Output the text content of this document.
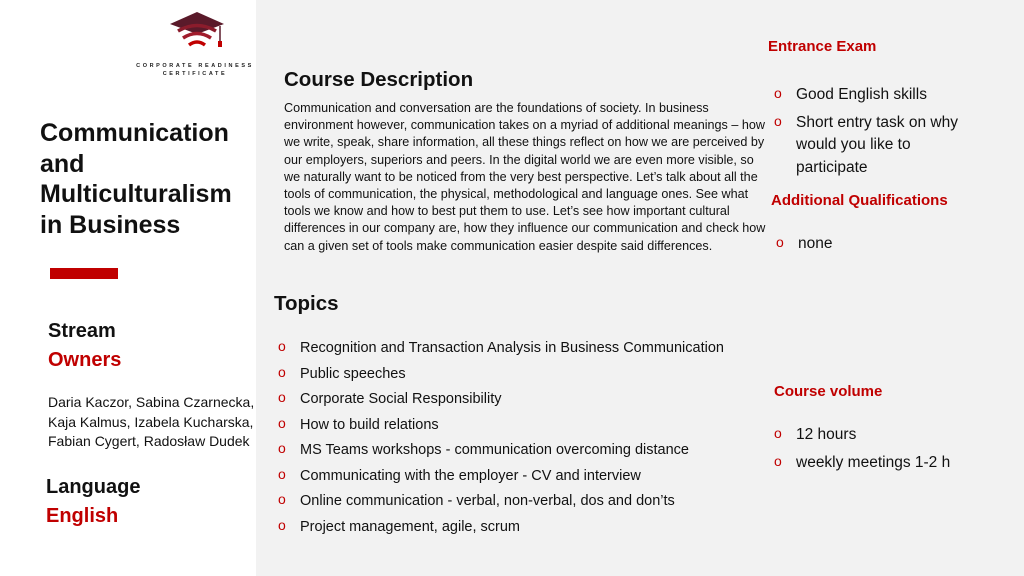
CORPORATE READINESS
CERTIFICATE
Communication and Multiculturalism in Business
Stream
Owners
Daria Kaczor, Sabina Czarnecka, Kaja Kalmus, Izabela Kucharska, Fabian Cygert, Radosław Dudek
Language
English
Course Description
Communication and conversation are the foundations of society. In business environment however, communication takes on a myriad of additional meanings – how we write, speak, share information, all these things reflect on how we are perceived by our employers, superiors and peers. In the digital world we are even more visible, so we naturally want to be noticed from the very best perspective. Let’s talk about all the tools of communication, the physical, methodological and language ones. See what tools we know and how to best put them to use. Let’s see how important cultural differences in our company are, how they influence our communication and check how can a given set of tools make communication easier despite said differences.
Topics
o Recognition and Transaction Analysis in Business Communication
o Public speeches
o Corporate Social Responsibility
o How to build relations
o MS Teams workshops - communication overcoming distance
o Communicating with the employer - CV and interview
o Online communication - verbal, non-verbal, dos and don’ts
o Project management, agile, scrum
Entrance Exam
o Good English skills
o Short entry task on why would you like to participate
Additional Qualifications
o none
Course volume
o 12 hours
o weekly meetings 1-2 h
